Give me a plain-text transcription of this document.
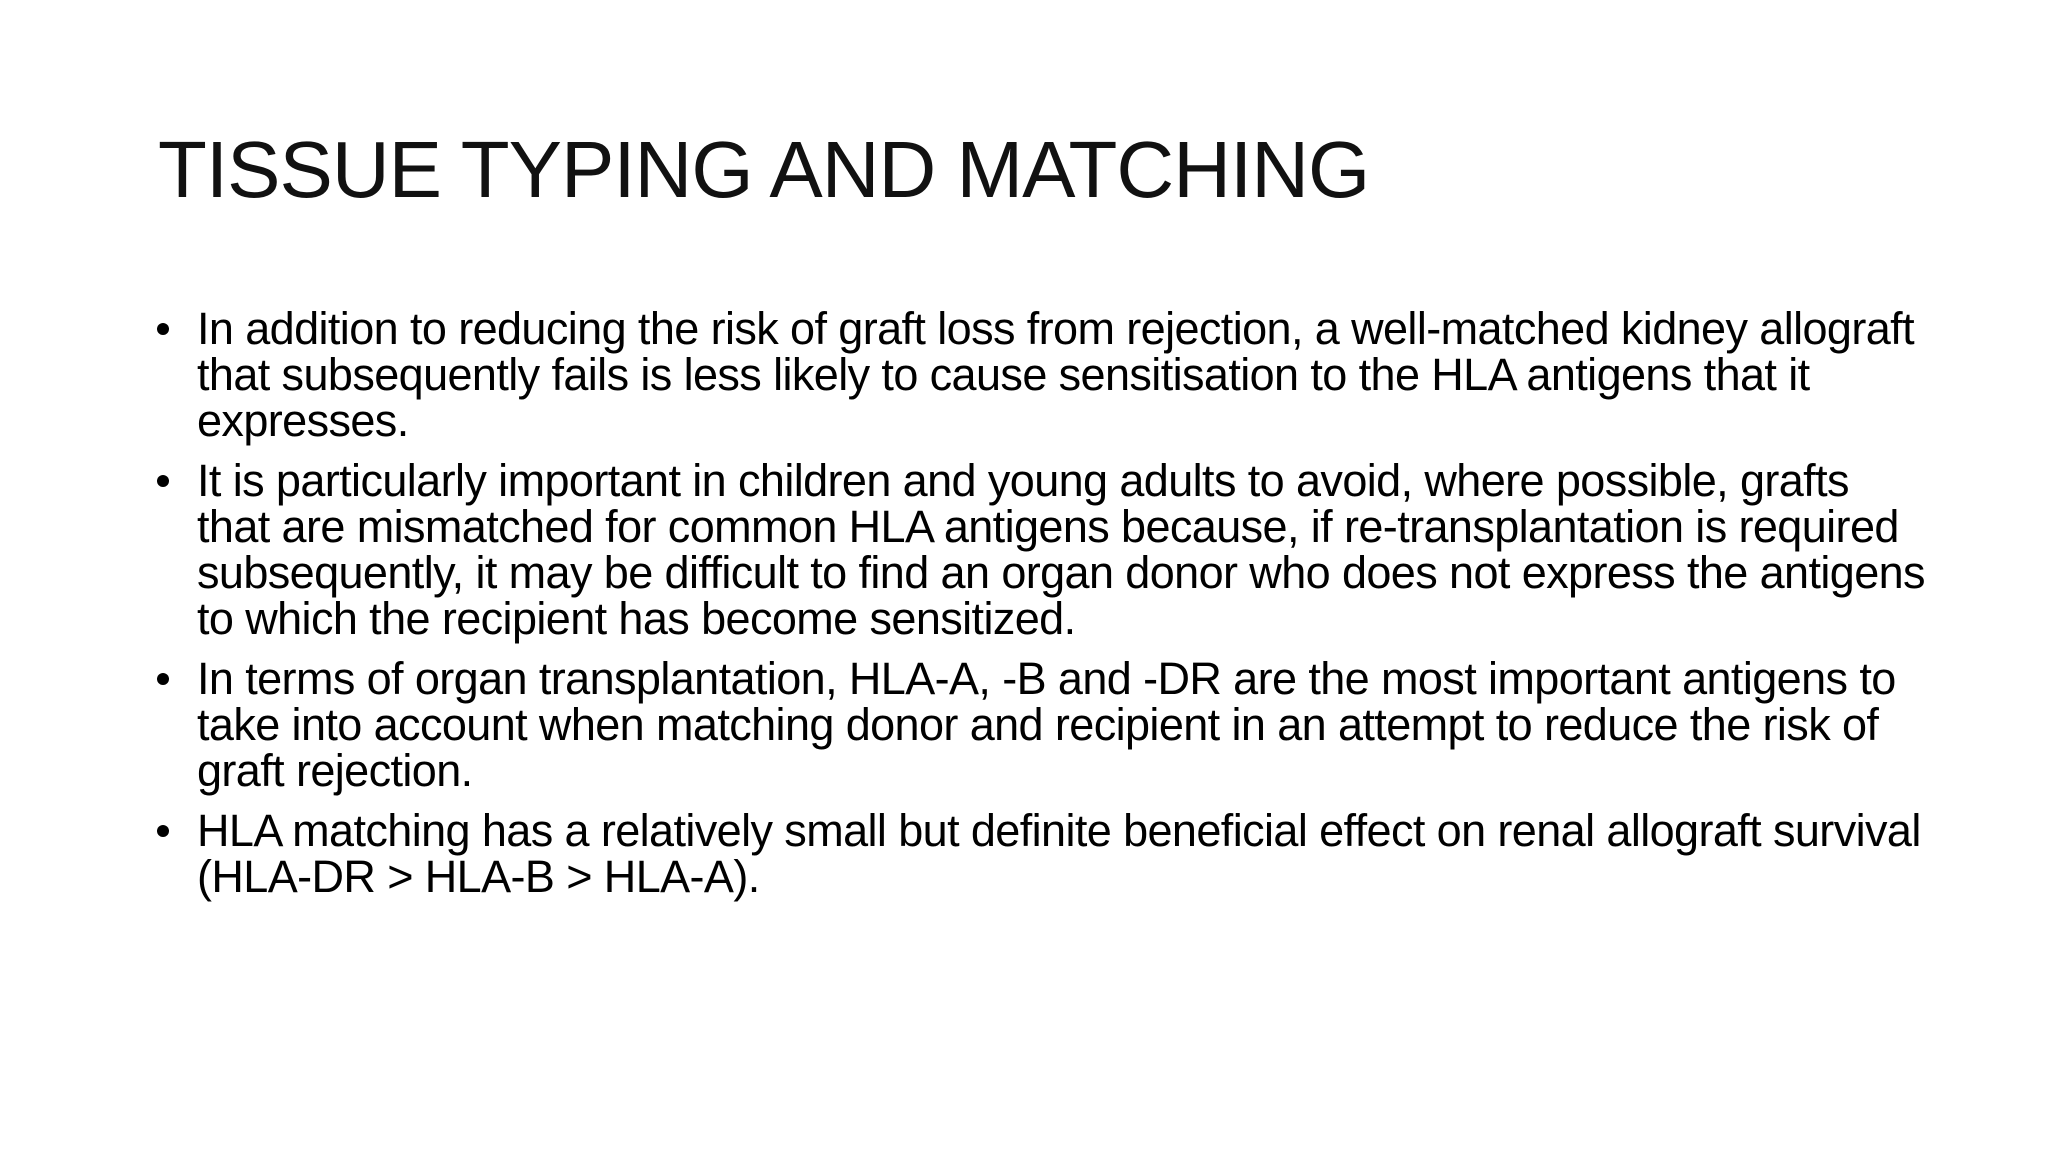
TISSUE TYPING AND MATCHING
In addition to reducing the risk of graft loss from rejection, a well-matched kidney allograft that subsequently fails is less likely to cause sensitisation to the HLA antigens that it expresses.
It is particularly important in children and young adults to avoid, where possible, grafts that are mismatched for common HLA antigens because, if re-transplantation is required subsequently, it may be difficult to find an organ donor who does not express the antigens to which the recipient has become sensitized.
In terms of organ transplantation, HLA-A, -B and -DR are the most important antigens to take into account when matching donor and recipient in an attempt to reduce the risk of graft rejection.
HLA matching has a relatively small but definite beneficial effect on renal allograft survival (HLA-DR > HLA-B > HLA-A).
